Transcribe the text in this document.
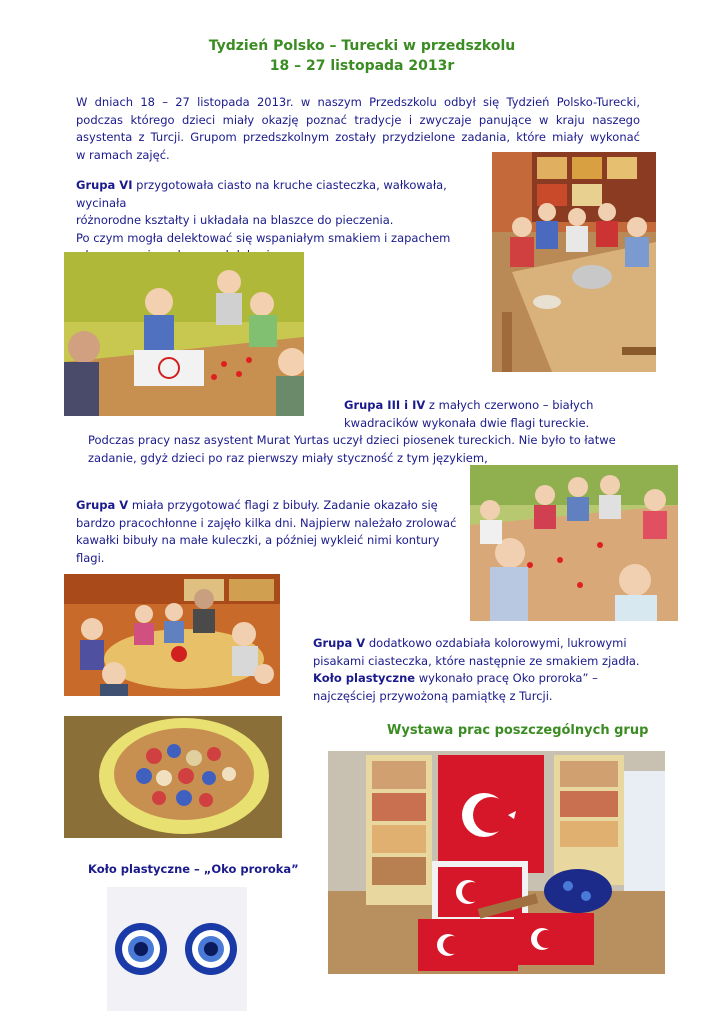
Tydzień Polsko – Turecki w przedszkolu
18 – 27 listopada 2013r
W dniach 18 – 27 listopada 2013r. w naszym Przedszkolu odbył się Tydzień Polsko-Turecki,
podczas którego dzieci miały okazję poznać tradycje i zwyczaje panujące w kraju naszego
asystenta z Turcji. Grupom przedszkolnym zostały przydzielone zadania, które miały wykonać
w ramach zajęć.
Grupa VI przygotowała ciasto na kruche ciasteczka, wałkowała, wycinała
różnorodne kształty i układała na blaszce do pieczenia.
Po czym mogła delektować się wspaniałym smakiem i zapachem
Grupa III i IV z małych czerwono – białych
kwadracików wykonała dwie flagi tureckie.
Podczas pracy nasz asystent Murat Yurtas uczył dzieci piosenek tureckich. Nie było to łatwe
zadanie, gdyż dzieci po raz pierwszy miały styczność z tym językiem,
Grupa V miała przygotować flagi z bibuły. Zadanie okazało się
bardzo pracochłonne i zajęło kilka dni. Najpierw należało zrolować
kawałki bibuły na małe kuleczki, a później wykleić nimi kontury
flagi.
Grupa V dodatkowo ozdabiała kolorowymi, lukrowymi
pisakami ciasteczka, które następnie ze smakiem zjadła.
Koło plastyczne wykonało pracę Oko proroka” –
najczęściej przywożoną pamiątkę z Turcji.
Wystawa prac poszczególnych grup
Koło plastyczne – „Oko proroka”
